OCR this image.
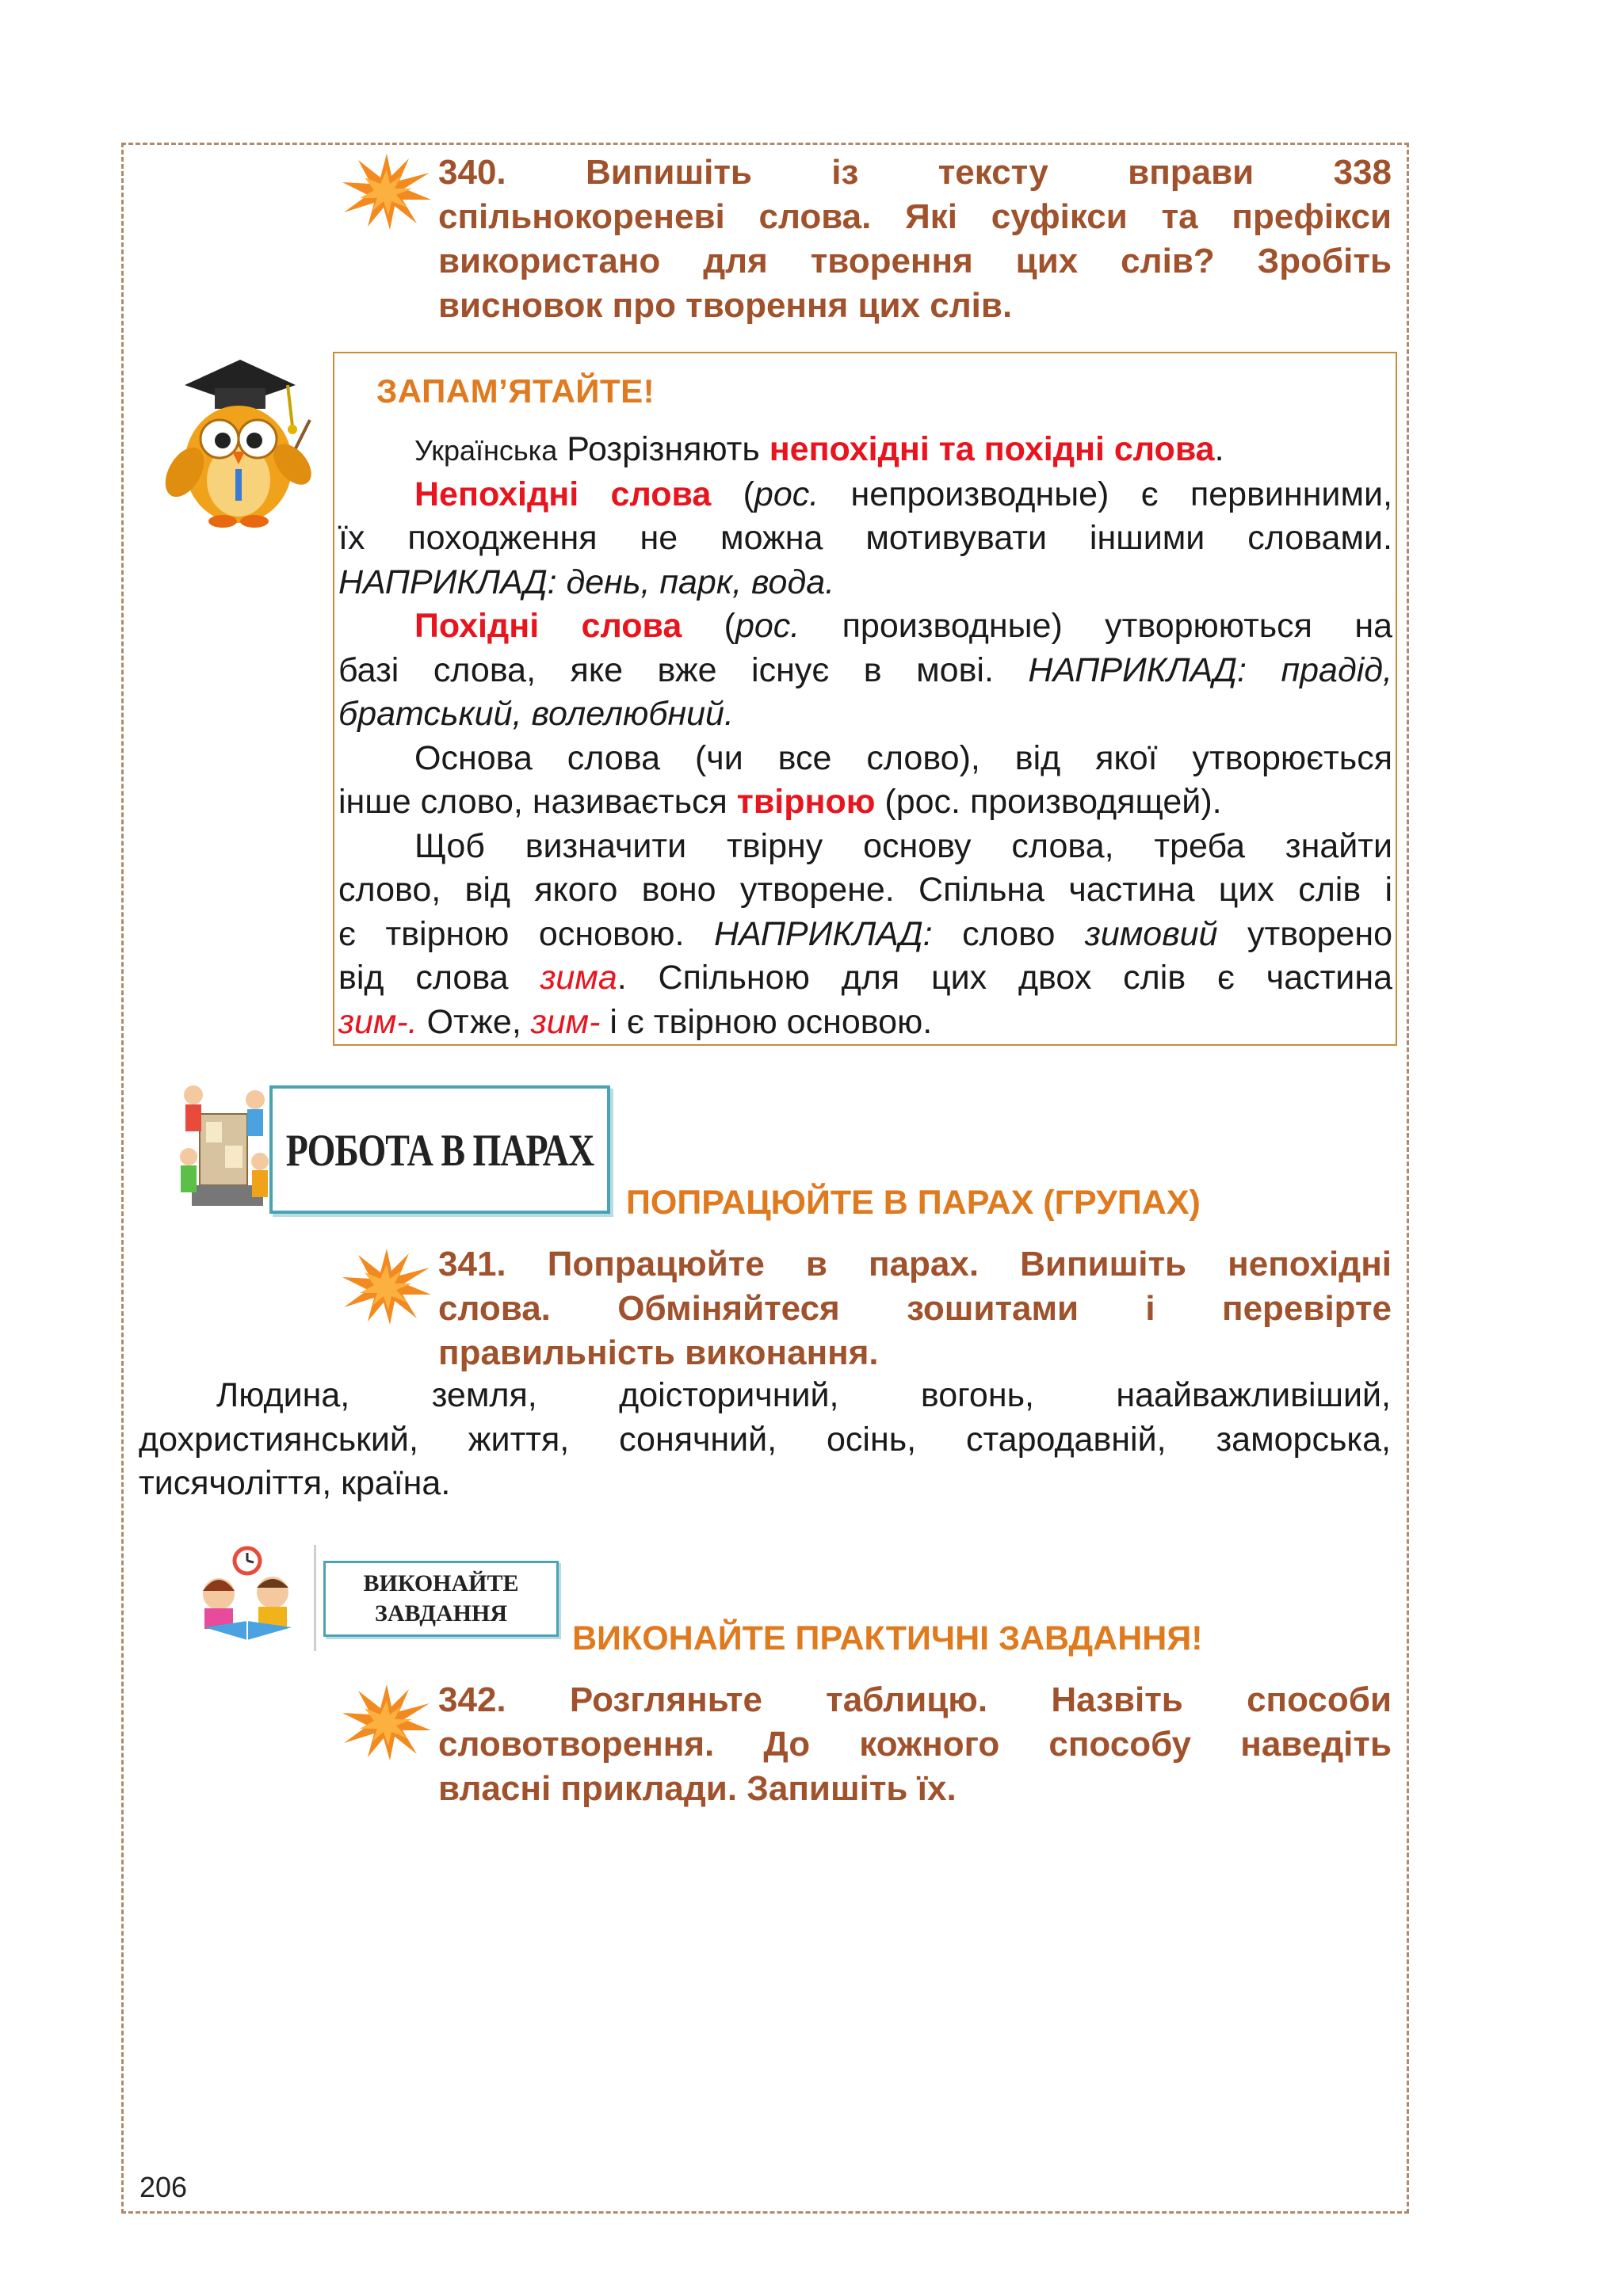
340. Випишіть із тексту вправи 338
спільнокореневі слова. Які суфікси та префікси
використано для творення цих слів? Зробіть
висновок про творення цих слів.
ЗАПАМ’ЯТАЙТЕ!
Українська Розрізняють непохідні та похідні слова.
Непохідні слова (рос. непроизводные) є первинними,
їх походження не можна мотивувати іншими словами.
НАПРИКЛАД: день, парк, вода.
Похідні слова (рос. производные) утворюються на
базі слова, яке вже існує в мові. НАПРИКЛАД: прадід,
братський, волелюбний.
Основа слова (чи все слово), від якої утворюється
інше слово, називається твірною (рос. производящей).
Щоб визначити твірну основу слова, треба знайти
слово, від якого воно утворене. Спільна частина цих слів і
є твірною основою. НАПРИКЛАД: слово зимовий утворено
від слова зима. Спільною для цих двох слів є частина
зим-. Отже, зим- і є твірною основою.
РОБОТА В ПАРАХ
ПОПРАЦЮЙТЕ В ПАРАХ (ГРУПАХ)
341. Попрацюйте в парах. Випишіть непохідні
слова. Обміняйтеся зошитами і перевірте
правильність виконання.
Людина, земля, доісторичний, вогонь, наайважливіший,
дохристиянський, життя, сонячний, осінь, стародавній, заморська,
тисячоліття, країна.
ВИКОНАЙТЕ
ЗАВДАННЯ
ВИКОНАЙТЕ ПРАКТИЧНІ ЗАВДАННЯ!
342. Розгляньте таблицю. Назвіть способи
словотворення. До кожного способу наведіть
власні приклади. Запишіть їх.
206
